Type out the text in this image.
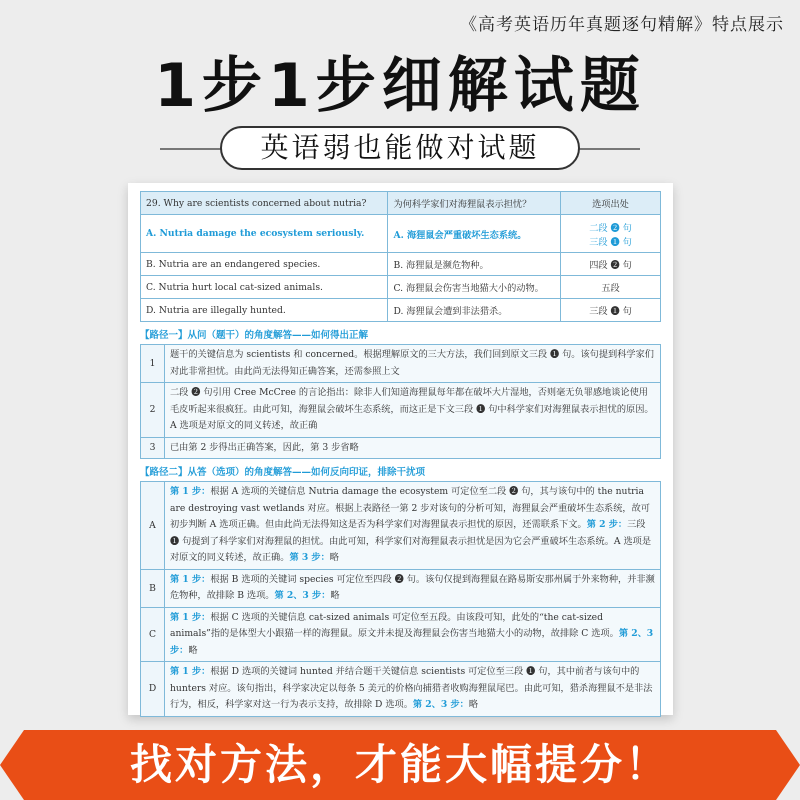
《高考英语历年真题逐句精解》特点展示
1步1步细解试题
英语弱也能做对试题
29. Why are scientists concerned about nutria?	为何科学家们对海狸鼠表示担忧？	选项出处
A. Nutria damage the ecosystem seriously.	A. 海狸鼠会严重破坏生态系统。	二段 ❷ 句
三段 ❶ 句

B. Nutria are an endangered species.	B. 海狸鼠是濒危物种。	四段 ❷ 句
C. Nutria hurt local cat-sized animals.	C. 海狸鼠会伤害当地猫大小的动物。	五段
D. Nutria are illegally hunted.	D. 海狸鼠会遭到非法猎杀。	三段 ❶ 句
【路径一】从问（题干）的角度解答——如何得出正解
1	题干的关键信息为 scientists 和 concerned。根据理解原文的三大方法，我们回到原文三段 ❶ 句。该句提到科学家们对此非常担忧。由此尚无法得知正确答案，还需参照上文
2	二段 ❷ 句引用 Cree McCree 的言论指出：除非人们知道海狸鼠每年都在破坏大片湿地，否则毫无负罪感地谈论使用毛皮听起来很疯狂。由此可知，海狸鼠会破坏生态系统，而这正是下文三段 ❶ 句中科学家们对海狸鼠表示担忧的原因。A 选项是对原文的同义转述，故正确
3	已由第 2 步得出正确答案，因此，第 3 步省略
【路径二】从答（选项）的角度解答——如何反向印证，排除干扰项
A	第 1 步：根据 A 选项的关键信息 Nutria damage the ecosystem 可定位至二段 ❷ 句，其与该句中的 the nutria are destroying vast wetlands 对应。根据上表路径一第 2 步对该句的分析可知，海狸鼠会严重破坏生态系统，故可初步判断 A 选项正确。但由此尚无法得知这是否为科学家们对海狸鼠表示担忧的原因，还需联系下文。第 2 步：三段 ❶ 句提到了科学家们对海狸鼠的担忧。由此可知，科学家们对海狸鼠表示担忧是因为它会严重破坏生态系统。A 选项是对原文的同义转述，故正确。第 3 步：略
B	第 1 步：根据 B 选项的关键词 species 可定位至四段 ❷ 句。该句仅提到海狸鼠在路易斯安那州属于外来物种，并非濒危物种，故排除 B 选项。第 2、3 步：略
C	第 1 步：根据 C 选项的关键信息 cat-sized animals 可定位至五段。由该段可知，此处的“the cat-sized animals”指的是体型大小跟猫一样的海狸鼠。原文并未提及海狸鼠会伤害当地猫大小的动物，故排除 C 选项。第 2、3 步：略
D	第 1 步：根据 D 选项的关键词 hunted 并结合题干关键信息 scientists 可定位至三段 ❶ 句，其中前者与该句中的 hunters 对应。该句指出，科学家决定以每条 5 美元的价格向捕猎者收购海狸鼠尾巴。由此可知，猎杀海狸鼠不是非法行为，相反，科学家对这一行为表示支持，故排除 D 选项。第 2、3 步：略
找对方法，才能大幅提分！
